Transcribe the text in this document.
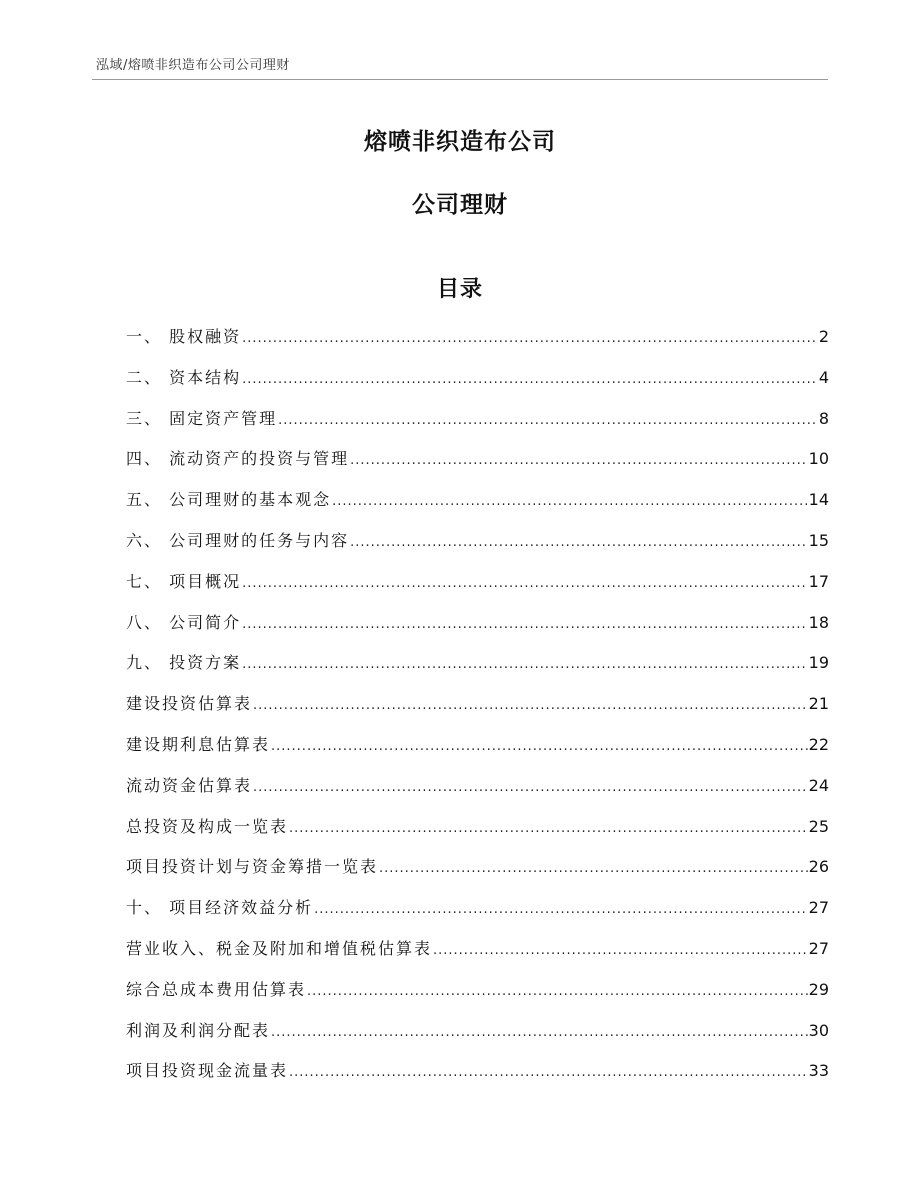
泓域/熔喷非织造布公司公司理财
熔喷非织造布公司
公司理财
目录
一、 股权融资 .....	2
二、 资本结构 .....	4
三、 固定资产管理 .....	8
四、 流动资产的投资与管理 .....	10
五、 公司理财的基本观念 .....	14
六、 公司理财的任务与内容 .....	15
七、 项目概况 .....	17
八、 公司简介 .....	18
九、 投资方案 .....	19
建设投资估算表 .....	21
建设期利息估算表 .....	22
流动资金估算表 .....	24
总投资及构成一览表 .....	25
项目投资计划与资金筹措一览表 .....	26
十、 项目经济效益分析 .....	27
营业收入、税金及附加和增值税估算表 .....	27
综合总成本费用估算表 .....	29
利润及利润分配表 .....	30
项目投资现金流量表 .....	33
